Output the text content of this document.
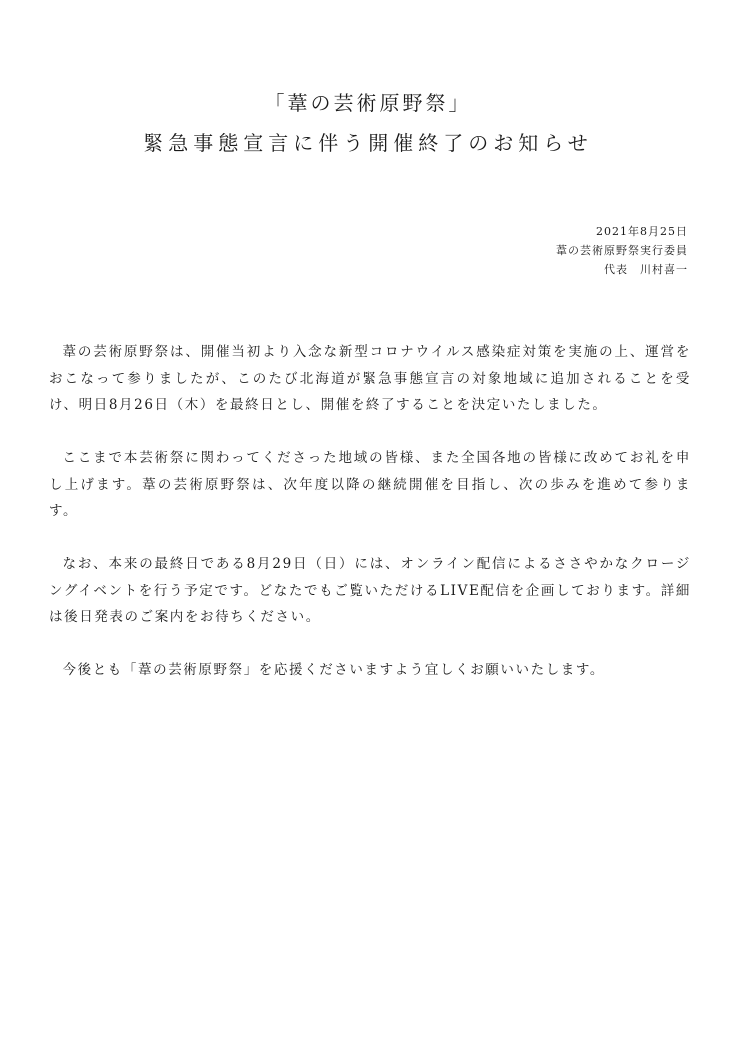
「葦の芸術原野祭」
緊急事態宣言に伴う開催終了のお知らせ
2021年8月25日
葦の芸術原野祭実行委員
代表　川村喜一

葦の芸術原野祭は、開催当初より入念な新型コロナウイルス感染症対策を実施の上、運営をおこなって参りましたが、このたび北海道が緊急事態宣言の対象地域に追加されることを受け、明日8月26日（木）を最終日とし、開催を終了することを決定いたしました。

ここまで本芸術祭に関わってくださった地域の皆様、また全国各地の皆様に改めてお礼を申し上げます。葦の芸術原野祭は、次年度以降の継続開催を目指し、次の歩みを進めて参ります。

なお、本来の最終日である8月29日（日）には、オンライン配信によるささやかなクロージングイベントを行う予定です。どなたでもご覧いただけるLIVE配信を企画しております。詳細は後日発表のご案内をお待ちください。

今後とも「葦の芸術原野祭」を応援くださいますよう宜しくお願いいたします。
